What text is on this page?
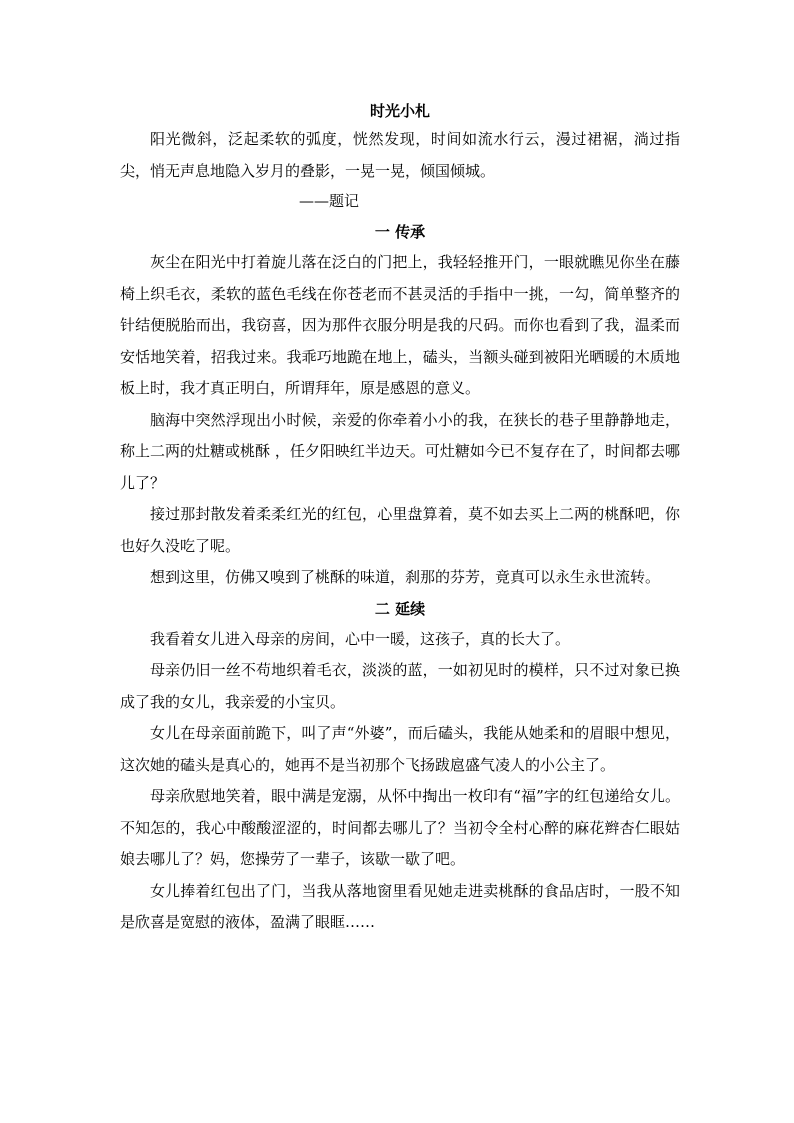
时光小札

阳光微斜，泛起柔软的弧度，恍然发现，时间如流水行云，漫过裙裾，淌过指尖，悄无声息地隐入岁月的叠影，一晃一晃，倾国倾城。

——题记

一 传承

灰尘在阳光中打着旋儿落在泛白的门把上，我轻轻推开门，一眼就瞧见你坐在藤椅上织毛衣，柔软的蓝色毛线在你苍老而不甚灵活的手指中一挑，一勾，简单整齐的针结便脱胎而出，我窃喜，因为那件衣服分明是我的尺码。而你也看到了我，温柔而安恬地笑着，招我过来。我乖巧地跪在地上，磕头，当额头碰到被阳光晒暖的木质地板上时，我才真正明白，所谓拜年，原是感恩的意义。

脑海中突然浮现出小时候，亲爱的你牵着小小的我，在狭长的巷子里静静地走，称上二两的灶糖或桃酥 ，任夕阳映红半边天。可灶糖如今已不复存在了，时间都去哪儿了？

接过那封散发着柔柔红光的红包，心里盘算着，莫不如去买上二两的桃酥吧，你也好久没吃了呢。

想到这里，仿佛又嗅到了桃酥的味道，刹那的芬芳，竟真可以永生永世流转。

二 延续

我看着女儿进入母亲的房间，心中一暖，这孩子，真的长大了。

母亲仍旧一丝不苟地织着毛衣，淡淡的蓝，一如初见时的模样，只不过对象已换成了我的女儿，我亲爱的小宝贝。

女儿在母亲面前跪下，叫了声“外婆”，而后磕头，我能从她柔和的眉眼中想见，这次她的磕头是真心的，她再不是当初那个飞扬跋扈盛气凌人的小公主了。

母亲欣慰地笑着，眼中满是宠溺，从怀中掏出一枚印有“福”字的红包递给女儿。不知怎的，我心中酸酸涩涩的，时间都去哪儿了？当初令全村心醉的麻花辫杏仁眼姑娘去哪儿了？妈，您操劳了一辈子，该歇一歇了吧。

女儿捧着红包出了门，当我从落地窗里看见她走进卖桃酥的食品店时，一股不知是欣喜是宽慰的液体，盈满了眼眶……
